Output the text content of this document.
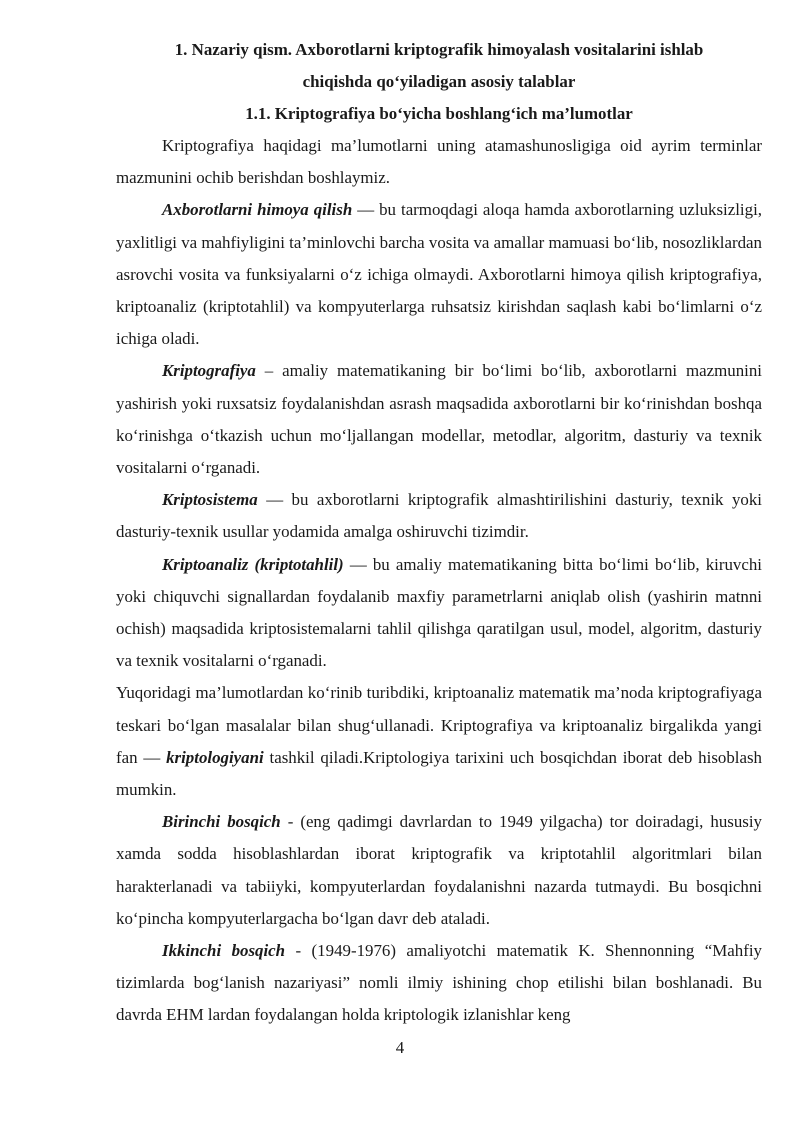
1. Nazariy qism. Axborotlarni kriptografik himoyalash vositalarini ishlab

chiqishda qo‘yiladigan asosiy talablar

1.1. Kriptografiya bo‘yicha boshlang‘ich ma’lumotlar

Kriptografiya haqidagi ma’lumotlarni uning atamashunosligiga oid ayrim terminlar mazmunini ochib berishdan boshlaymiz.

Axborotlarni himoya qilish — bu tarmoqdagi aloqa hamda axborotlarning uzluksizligi, yaxlitligi va mahfiyligini ta’minlovchi barcha vosita va amallar mamuasi bo‘lib, nosozliklardan asrovchi vosita va funksiyalarni o‘z ichiga olmaydi. Axborotlarni himoya qilish kriptografiya, kriptoanaliz (kriptotahlil) va kompyuterlarga ruhsatsiz kirishdan saqlash kabi bo‘limlarni o‘z ichiga oladi.

Kriptografiya – amaliy matematikaning bir bo‘limi bo‘lib, axborotlarni mazmunini yashirish yoki ruxsatsiz foydalanishdan asrash maqsadida axborotlarni bir ko‘rinishdan boshqa ko‘rinishga o‘tkazish uchun mo‘ljallangan modellar, metodlar, algoritm, dasturiy va texnik vositalarni o‘rganadi.

Kriptosistema — bu axborotlarni kriptografik almashtirilishini dasturiy, texnik yoki dasturiy-texnik usullar yodamida amalga oshiruvchi tizimdir.

Kriptoanaliz (kriptotahlil) — bu amaliy matematikaning bitta bo‘limi bo‘lib, kiruvchi yoki chiquvchi signallardan foydalanib maxfiy parametrlarni aniqlab olish (yashirin matnni ochish) maqsadida kriptosistemalarni tahlil qilishga qaratilgan usul, model, algoritm, dasturiy va texnik vositalarni o‘rganadi.

Yuqoridagi ma’lumotlardan ko‘rinib turibdiki, kriptoanaliz matematik ma’noda kriptografiyaga teskari bo‘lgan masalalar bilan shug‘ullanadi. Kriptografiya va kriptoanaliz birgalikda yangi fan — kriptologiyani tashkil qiladi.Kriptologiya tarixini uch bosqichdan iborat deb hisoblash mumkin.

Birinchi bosqich - (eng qadimgi davrlardan to 1949 yilgacha) tor doiradagi, hususiy xamda sodda hisoblashlardan iborat kriptografik va kriptotahlil algoritmlari bilan harakterlanadi va tabiiyki, kompyuterlardan foydalanishni nazarda tutmaydi. Bu bosqichni ko‘pincha kompyuterlargacha bo‘lgan davr deb ataladi.

Ikkinchi bosqich - (1949-1976) amaliyotchi matematik K. Shennonning “Mahfiy tizimlarda bog‘lanish nazariyasi” nomli ilmiy ishining chop etilishi bilan boshlanadi. Bu davrda EHM lardan foydalangan holda kriptologik izlanishlar keng

4
